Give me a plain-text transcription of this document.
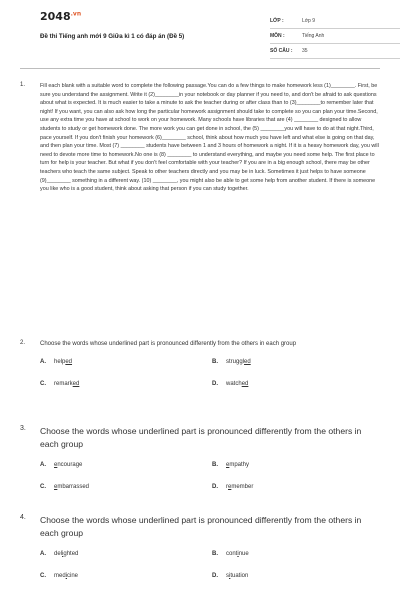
$2048^{.vn}$
Đề thi Tiếng anh mới 9 Giữa kì 1 có đáp án (Đề 5)
LỚP :	Lớp 9
MÔN :	Tiếng Anh
SỐ CÂU :	35
1.	Fill each blank with a suitable word to complete the following passage.You can do a few things to make homework less (1)________. First, be sure you understand the assignment. Write it (2)________in your notebook or day planner if you need to, and don't be afraid to ask questions about what is expected. It is much easier to take a minute to ask the teacher during or after class than to (3)________to remember later that night! If you want, you can also ask how long the particular homework assignment should take to complete so you can plan your time.Second, use any extra time you have at school to work on your homework. Many schools have libraries that are (4) ________ designed to allow students to study or get homework done. The more work you can get done in school, the (5) ________you will have to do at that night.Third, pace yourself. If you don't finish your homework (6)________ school, think about how much you have left and what else is going on that day, and then plan your time. Most (7) ________ students have between 1 and 3 hours of homework a night. If it is a heavy homework day, you will need to devote more time to homework.No one is (8) ________ to understand everything, and maybe you need some help. The first place to turn for help is your teacher. But what if you don't feel comfortable with your teacher? If you are in a big enough school, there may be other teachers who teach the same subject. Speak to other teachers directly and you may be in luck. Sometimes it just helps to have someone (9)________ something in a different way. (10) ________, you might also be able to get some help from another student. If there is someone you like who is a good student, think about asking that person if you can study together.
2. Choose the words whose underlined part is pronounced differently from the others in each group
A.	helped	B.	struggled
C.	remarked	D.	watched
3. Choose the words whose underlined part is pronounced differently from the others in each group
A.	encourage	B.	empathy
C.	embarrassed	D.	remember
4. Choose the words whose underlined part is pronounced differently from the others in each group
A.	delighted	B.	continue
C.	medicine	D.	situation
